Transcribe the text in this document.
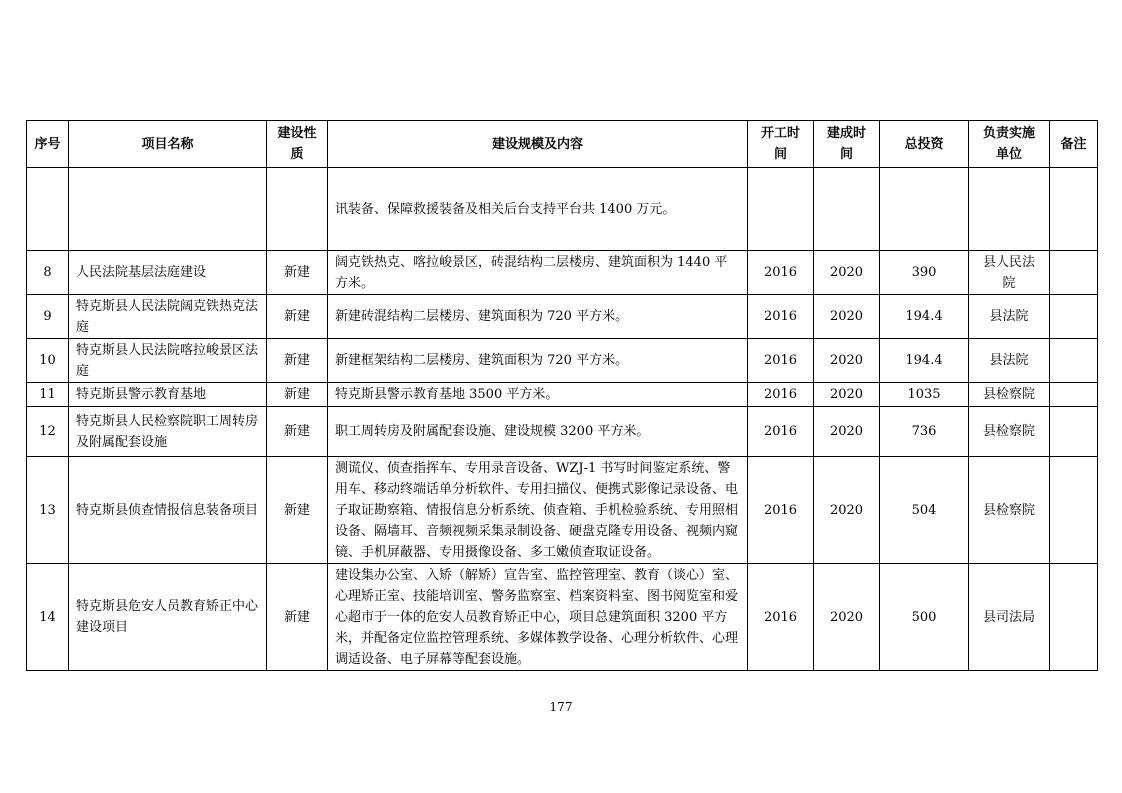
序号	项目名称	建设性质	建设规模及内容	开工时间	建成时间	总投资	负责实施单位	备注
			讯装备、保障救援装备及相关后台支持平台共 1400 万元。					
8	人民法院基层法庭建设	新建	阔克铁热克、喀拉峻景区，砖混结构二层楼房、建筑面积为 1440 平方米。	2016	2020	390	县人民法院	
9	特克斯县人民法院阔克铁热克法庭	新建	新建砖混结构二层楼房、建筑面积为 720 平方米。	2016	2020	194.4	县法院	
10	特克斯县人民法院喀拉峻景区法庭	新建	新建框架结构二层楼房、建筑面积为 720 平方米。	2016	2020	194.4	县法院	
11	特克斯县警示教育基地	新建	特克斯县警示教育基地 3500 平方米。	2016	2020	1035	县检察院	
12	特克斯县人民检察院职工周转房及附属配套设施	新建	职工周转房及附属配套设施、建设规模 3200 平方米。	2016	2020	736	县检察院	
13	特克斯县侦查情报信息装备项目	新建	测谎仪、侦查指挥车、专用录音设备、WZJ-1 书写时间鉴定系统、警用车、移动终端话单分析软件、专用扫描仪、便携式影像记录设备、电子取证勘察箱、情报信息分析系统、侦查箱、手机检验系统、专用照相设备、隔墙耳、音频视频采集录制设备、硬盘克隆专用设备、视频内窥镜、手机屏蔽器、专用摄像设备、多工嫩侦查取证设备。	2016	2020	504	县检察院	
14	特克斯县危安人员教育矫正中心建设项目	新建	建设集办公室、入矫（解矫）宣告室、监控管理室、教育（谈心）室、心理矫正室、技能培训室、警务监察室、档案资料室、图书阅览室和爱心超市于一体的危安人员教育矫正中心，项目总建筑面积 3200 平方米，并配备定位监控管理系统、多媒体教学设备、心理分析软件、心理调适设备、电子屏幕等配套设施。	2016	2020	500	县司法局	
177
